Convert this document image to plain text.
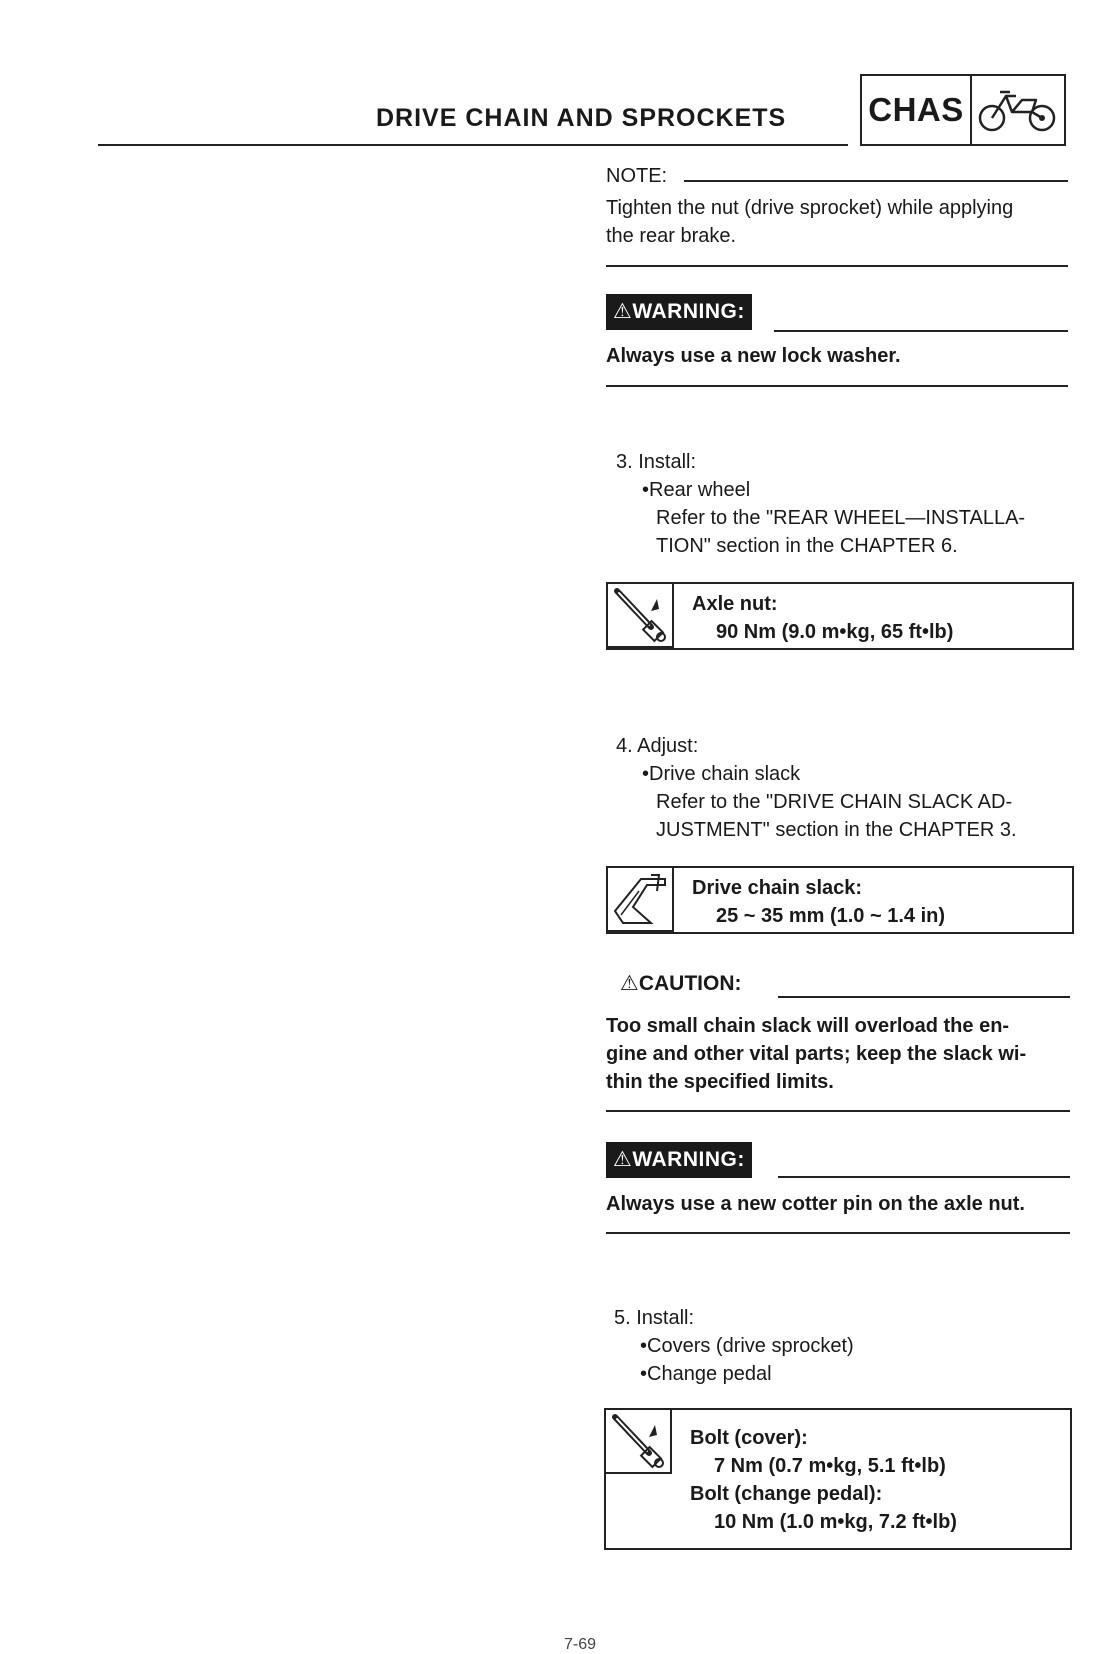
DRIVE CHAIN AND SPROCKETS CHAS
NOTE:
Tighten the nut (drive sprocket) while applying
the rear brake.
⚠WARNING:
Always use a new lock washer.
3. Install:
•Rear wheel
Refer to the "REAR WHEEL—INSTALLA-
TION" section in the CHAPTER 6.
Axle nut:
90 Nm (9.0 m•kg, 65 ft•lb)
4. Adjust:
•Drive chain slack
Refer to the "DRIVE CHAIN SLACK AD-
JUSTMENT" section in the CHAPTER 3.
Drive chain slack:
25 ~ 35 mm (1.0 ~ 1.4 in)
⚠CAUTION:
Too small chain slack will overload the en-
gine and other vital parts; keep the slack wi-
thin the specified limits.
⚠WARNING:
Always use a new cotter pin on the axle nut.
5. Install:
•Covers (drive sprocket)
•Change pedal
Bolt (cover):
7 Nm (0.7 m•kg, 5.1 ft•lb)
Bolt (change pedal):
10 Nm (1.0 m•kg, 7.2 ft•lb)
7-69
